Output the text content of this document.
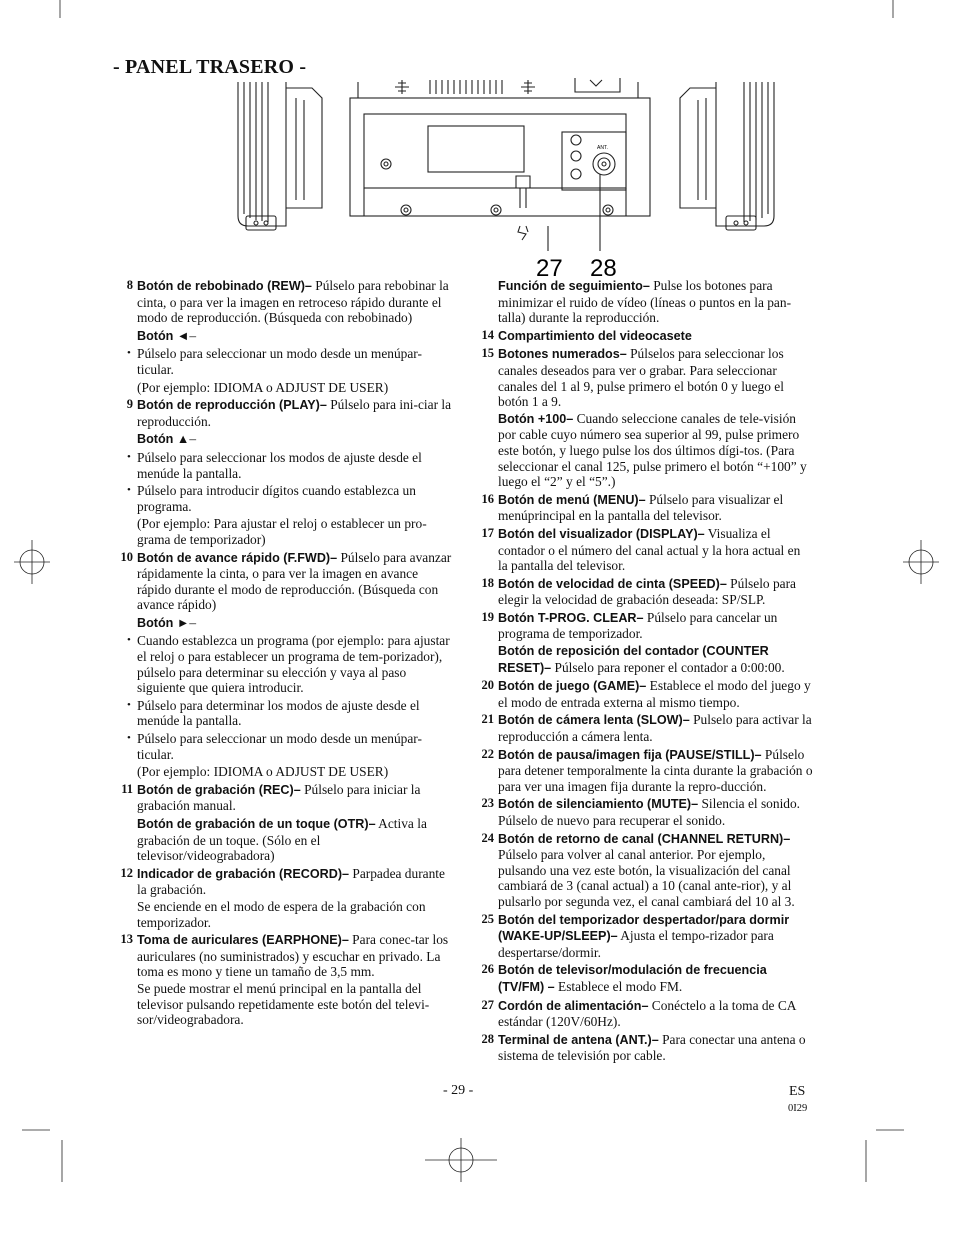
- PANEL TRASERO -
ANT.
27 28
8 Botón de rebobinado (REW)– Púlselo para rebobinar la cinta, o para ver la imagen en retroceso rápido durante el modo de reproducción. (Búsqueda con rebobinado)
Botón ◄–
• Púlselo para seleccionar un modo desde un menúpar-ticular.
(Por ejemplo: IDIOMA o ADJUST DE USER)
9 Botón de reproducción (PLAY)– Púlselo para ini-ciar la reproducción.
Botón ▲–
• Púlselo para seleccionar los modos de ajuste desde el menúde la pantalla.
• Púlselo para introducir dígitos cuando establezca un programa.
(Por ejemplo: Para ajustar el reloj o establecer un pro-grama de temporizador)
10 Botón de avance rápido (F.FWD)– Púlselo para avanzar rápidamente la cinta, o para ver la imagen en avance rápido durante el modo de reproducción. (Búsqueda con avance rápido)
Botón ►–
• Cuando establezca un programa (por ejemplo: para ajustar el reloj o para establecer un programa de tem-porizador), púlselo para determinar su elección y vaya al paso siguiente que quiera introducir.
• Púlselo para determinar los modos de ajuste desde el menúde la pantalla.
• Púlselo para seleccionar un modo desde un menúpar-ticular.
(Por ejemplo: IDIOMA o ADJUST DE USER)
11 Botón de grabación (REC)– Púlselo para iniciar la grabación manual.
Botón de grabación de un toque (OTR)– Activa la grabación de un toque. (Sólo en el televisor/videograbadora)
12 Indicador de grabación (RECORD)– Parpadea durante la grabación.
Se enciende en el modo de espera de la grabación con temporizador.
13 Toma de auriculares (EARPHONE)– Para conec-tar los auriculares (no suministrados) y escuchar en privado. La toma es mono y tiene un tamaño de 3,5 mm.
Se puede mostrar el menú principal en la pantalla del televisor pulsando repetidamente este botón del televi-sor/videograbadora.
Función de seguimiento– Pulse los botones para minimizar el ruido de vídeo (líneas o puntos en la pan-talla) durante la reproducción.
14 Compartimiento del videocasete
15 Botones numerados– Púlselos para seleccionar los canales deseados para ver o grabar. Para seleccionar canales del 1 al 9, pulse primero el botón 0 y luego el botón 1 a 9.
Botón +100– Cuando seleccione canales de tele-visión por cable cuyo número sea superior al 99, pulse primero este botón, y luego pulse los dos últimos dígi-tos. (Para seleccionar el canal 125, pulse primero el botón “+100” y luego el “2” y el “5”.)
16 Botón de menú (MENU)– Púlselo para visualizar el menúprincipal en la pantalla del televisor.
17 Botón del visualizador (DISPLAY)– Visualiza el contador o el número del canal actual y la hora actual en la pantalla del televisor.
18 Botón de velocidad de cinta (SPEED)– Púlselo para elegir la velocidad de grabación deseada: SP/SLP.
19 Botón T-PROG. CLEAR– Púlselo para cancelar un programa de temporizador.
Botón de reposición del contador (COUNTER RESET)– Púlselo para reponer el contador a 0:00:00.
20 Botón de juego (GAME)– Establece el modo del juego y el modo de entrada externa al mismo tiempo.
21 Botón de cámera lenta (SLOW)– Pulselo para activar la reproducción a cámera lenta.
22 Botón de pausa/imagen fija (PAUSE/STILL)– Púlselo para detener temporalmente la cinta durante la grabación o para ver una imagen fija durante la repro-ducción.
23 Botón de silenciamiento (MUTE)– Silencia el sonido. Púlselo de nuevo para recuperar el sonido.
24 Botón de retorno de canal (CHANNEL RETURN)– Púlselo para volver al canal anterior. Por ejemplo, pulsando una vez este botón, la visualización del canal cambiará de 3 (canal actual) a 10 (canal ante-rior), y al pulsarlo por segunda vez, el canal cambiará del 10 al 3.
25 Botón del temporizador despertador/para dormir (WAKE-UP/SLEEP)– Ajusta el tempo-rizador para despertarse/dormir.
26 Botón de televisor/modulación de frecuencia (TV/FM) – Establece el modo FM.
27 Cordón de alimentación– Conéctelo a la toma de CA estándar (120V/60Hz).
28 Terminal de antena (ANT.)– Para conectar una antena o sistema de televisión por cable.
- 29 -	ES
0I29
